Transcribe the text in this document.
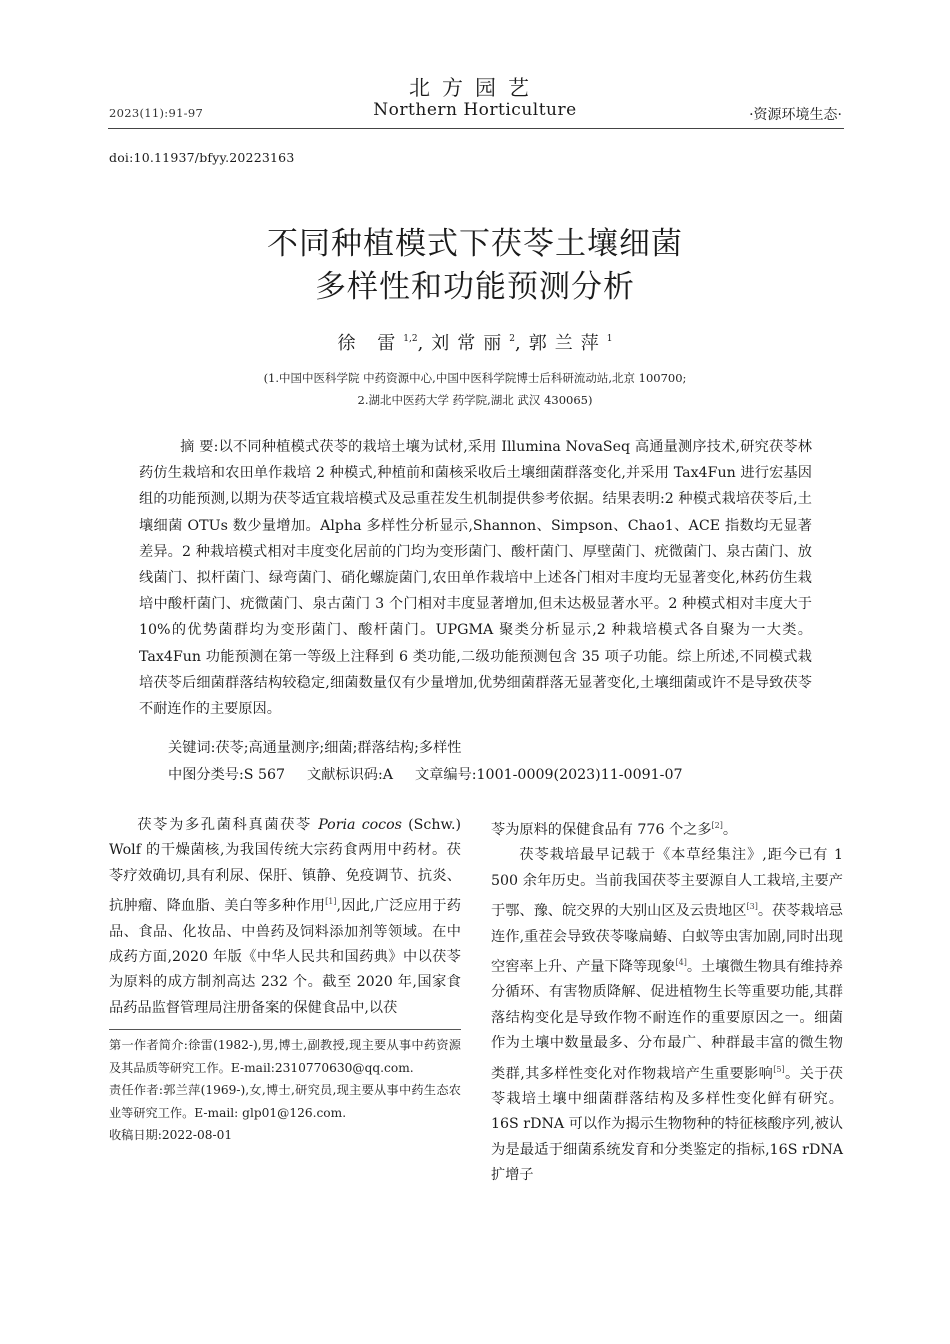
北方园艺
Northern Horticulture
2023(11):91-97	·资源环境生态·
doi:10.11937/bfyy.20223163
不同种植模式下茯苓土壤细菌
多样性和功能预测分析
徐 雷$^{1,2}$,刘常丽$^2$,郭兰萍$^1$
(1.中国中医科学院 中药资源中心,中国中医科学院博士后科研流动站,北京 100700;
2.湖北中医药大学 药学院,湖北 武汉 430065)
摘 要:以不同种植模式茯苓的栽培土壤为试材,采用 Illumina NovaSeq 高通量测序技术,研究茯苓林药仿生栽培和农田单作栽培 2 种模式,种植前和菌核采收后土壤细菌群落变化,并采用 Tax4Fun 进行宏基因组的功能预测,以期为茯苓适宜栽培模式及忌重茬发生机制提供参考依据。结果表明:2 种模式栽培茯苓后,土壤细菌 OTUs 数少量增加。Alpha 多样性分析显示,Shannon、Simpson、Chao1、ACE 指数均无显著差异。2 种栽培模式相对丰度变化居前的门均为变形菌门、酸杆菌门、厚壁菌门、疣微菌门、泉古菌门、放线菌门、拟杆菌门、绿弯菌门、硝化螺旋菌门,农田单作栽培中上述各门相对丰度均无显著变化,林药仿生栽培中酸杆菌门、疣微菌门、泉古菌门 3 个门相对丰度显著增加,但未达极显著水平。2 种模式相对丰度大于 10%的优势菌群均为变形菌门、酸杆菌门。UPGMA 聚类分析显示,2 种栽培模式各自聚为一大类。Tax4Fun 功能预测在第一等级上注释到 6 类功能,二级功能预测包含 35 项子功能。综上所述,不同模式栽培茯苓后细菌群落结构较稳定,细菌数量仅有少量增加,优势细菌群落无显著变化,土壤细菌或许不是导致茯苓不耐连作的主要原因。
关键词:茯苓;高通量测序;细菌;群落结构;多样性
中图分类号:S 567 文献标识码:A 文章编号:1001-0009(2023)11-0091-07

茯苓为多孔菌科真菌茯苓 Poria cocos (Schw.) Wolf 的干燥菌核,为我国传统大宗药食两用中药材。茯苓疗效确切,具有利尿、保肝、镇静、免疫调节、抗炎、抗肿瘤、降血脂、美白等多种作用[1],因此,广泛应用于药品、食品、化妆品、中兽药及饲料添加剂等领域。在中成药方面,2020 年版《中华人民共和国药典》中以茯苓为原料的成方制剂高达 232 个。截至 2020 年,国家食品药品监督管理局注册备案的保健食品中,以茯

第一作者简介:徐雷(1982-),男,博士,副教授,现主要从事中药资源及其品质等研究工作。E-mail:2310770630@qq.com.

责任作者:郭兰萍(1969-),女,博士,研究员,现主要从事中药生态农业等研究工作。E-mail: glp01@126.com.

收稿日期:2022-08-01

苓为原料的保健食品有 776 个之多[2]。

茯苓栽培最早记载于《本草经集注》,距今已有 1 500 余年历史。当前我国茯苓主要源自人工栽培,主要产于鄂、豫、皖交界的大别山区及云贵地区[3]。茯苓栽培忌连作,重茬会导致茯苓喙扁蝽、白蚁等虫害加剧,同时出现空窖率上升、产量下降等现象[4]。土壤微生物具有维持养分循环、有害物质降解、促进植物生长等重要功能,其群落结构变化是导致作物不耐连作的重要原因之一。细菌作为土壤中数量最多、分布最广、种群最丰富的微生物类群,其多样性变化对作物栽培产生重要影响[5]。关于茯苓栽培土壤中细菌群落结构及多样性变化鲜有研究。16S rDNA 可以作为揭示生物物种的特征核酸序列,被认为是最适于细菌系统发育和分类鉴定的指标,16S rDNA 扩增子
